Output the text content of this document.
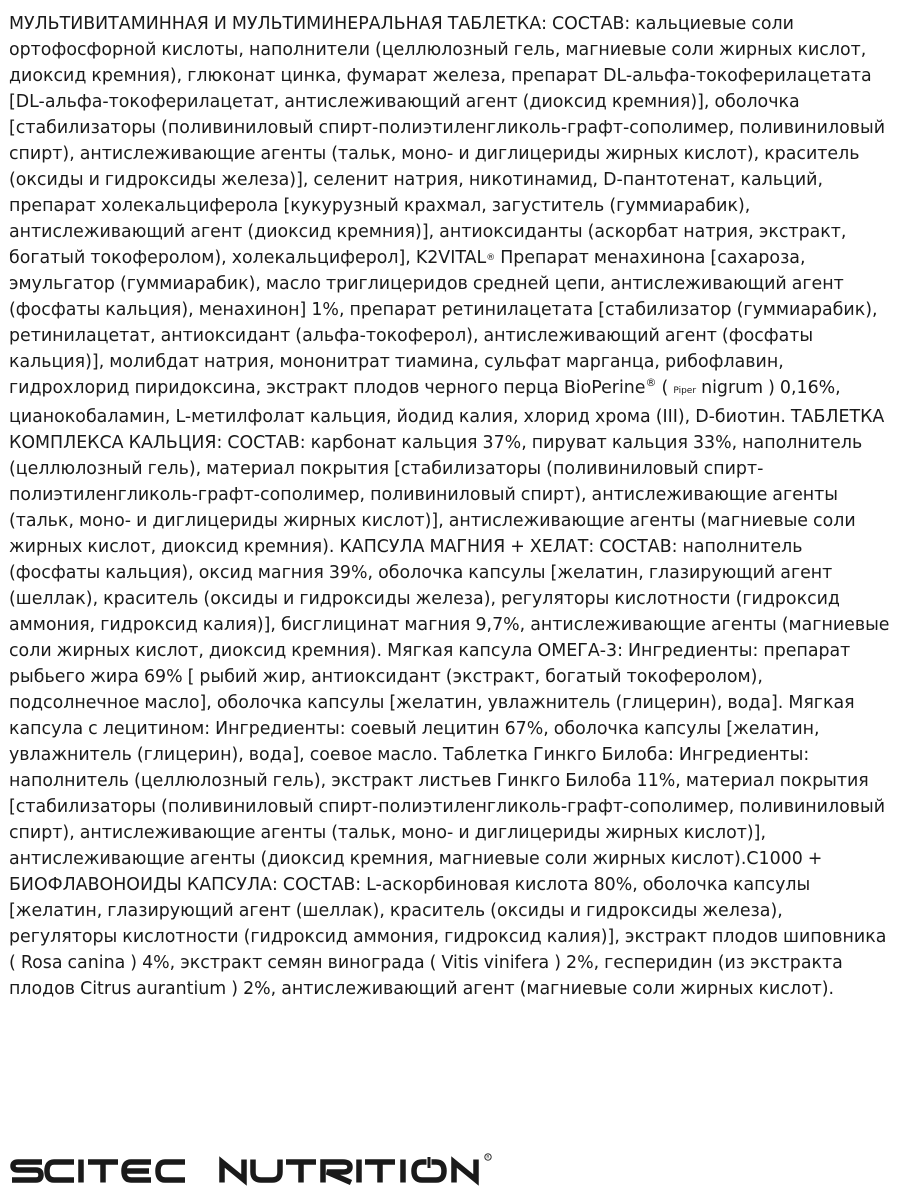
МУЛЬТИВИТАМИННАЯ И МУЛЬТИМИНЕРАЛЬНАЯ ТАБЛЕТКА: СОСТАВ: кальциевые соли ортофосфорной кислоты, наполнители (целлюлозный гель, магниевые соли жирных кислот, диоксид кремния), глюконат цинка, фумарат железа, препарат DL-альфа-токоферилацетата [DL-альфа-токоферилацетат, антислеживающий агент (диоксид кремния)], оболочка [стабилизаторы (поливиниловый спирт-полиэтиленгликоль-графт-сополимер, поливиниловый спирт), антислеживающие агенты (тальк, моно- и диглицериды жирных кислот), краситель (оксиды и гидроксиды железа)], селенит натрия, никотинамид, D-пантотенат, кальций, препарат холекальциферола [кукурузный крахмал, загуститель (гуммиарабик), антислеживающий агент (диоксид кремния)], антиоксиданты (аскорбат натрия, экстракт, богатый токоферолом), холекальциферол], K2VITAL® Препарат менахинона [сахароза, эмульгатор (гуммиарабик), масло триглицеридов средней цепи, антислеживающий агент (фосфаты кальция), менахинон] 1%, препарат ретинилацетата [стабилизатор (гуммиарабик), ретинилацетат, антиоксидант (альфа-токоферол), антислеживающий агент (фосфаты кальция)], молибдат натрия, мононитрат тиамина, сульфат марганца, рибофлавин, гидрохлорид пиридоксина, экстракт плодов черного перца BioPerine® ( Piper nigrum ) 0,16%, цианокобаламин, L-метилфолат кальция, йодид калия, хлорид хрома (III), D-биотин. ТАБЛЕТКА КОМПЛЕКСА КАЛЬЦИЯ: СОСТАВ: карбонат кальция 37%, пируват кальция 33%, наполнитель (целлюлозный гель), материал покрытия [стабилизаторы (поливиниловый спирт-полиэтиленгликоль-графт-сополимер, поливиниловый спирт), антислеживающие агенты (тальк, моно- и диглицериды жирных кислот)], антислеживающие агенты (магниевые соли жирных кислот, диоксид кремния). КАПСУЛА МАГНИЯ + ХЕЛАТ: СОСТАВ: наполнитель (фосфаты кальция), оксид магния 39%, оболочка капсулы [желатин, глазирующий агент (шеллак), краситель (оксиды и гидроксиды железа), регуляторы кислотности (гидроксид аммония, гидроксид калия)], бисглицинат магния 9,7%, антислеживающие агенты (магниевые соли жирных кислот, диоксид кремния). Мягкая капсула ОМЕГА-3: Ингредиенты: препарат рыбьего жира 69% [ рыбий жир, антиоксидант (экстракт, богатый токоферолом), подсолнечное масло], оболочка капсулы [желатин, увлажнитель (глицерин), вода]. Мягкая капсула с лецитином: Ингредиенты: соевый лецитин 67%, оболочка капсулы [желатин, увлажнитель (глицерин), вода], соевое масло. Таблетка Гинкго Билоба: Ингредиенты: наполнитель (целлюлозный гель), экстракт листьев Гинкго Билоба 11%, материал покрытия [стабилизаторы (поливиниловый спирт-полиэтиленгликоль-графт-сополимер, поливиниловый спирт), антислеживающие агенты (тальк, моно- и диглицериды жирных кислот)], антислеживающие агенты (диоксид кремния, магниевые соли жирных кислот).C1000 + БИОФЛАВОНОИДЫ КАПСУЛА: СОСТАВ: L-аскорбиновая кислота 80%, оболочка капсулы [желатин, глазирующий агент (шеллак), краситель (оксиды и гидроксиды железа), регуляторы кислотности (гидроксид аммония, гидроксид калия)], экстракт плодов шиповника ( Rosa canina ) 4%, экстракт семян винограда ( Vitis vinifera ) 2%, гесперидин (из экстракта плодов Citrus aurantium ) 2%, антислеживающий агент (магниевые соли жирных кислот).
R
